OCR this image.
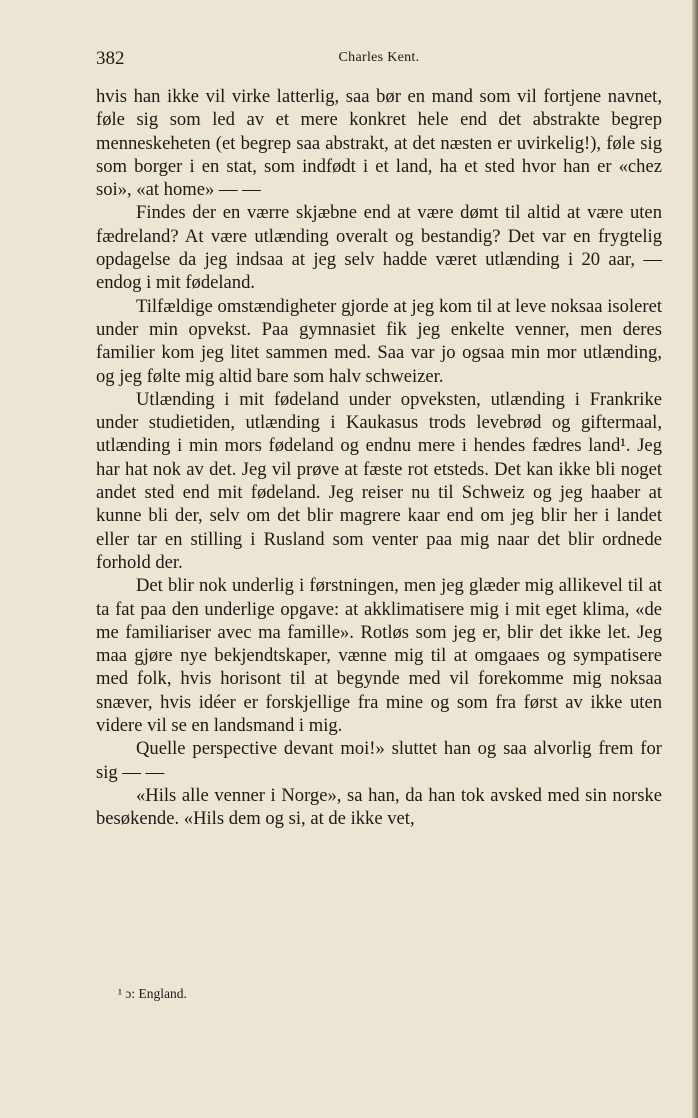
382	Charles Kent.

hvis han ikke vil virke latterlig, saa bør en mand som vil fortjene navnet, føle sig som led av et mere konkret hele end det abstrakte begrep menneskeheten (et begrep saa abstrakt, at det næsten er uvirkelig!), føle sig som borger i en stat, som indfødt i et land, ha et sted hvor han er «chez soi», «at home» — —

Findes der en værre skjæbne end at være dømt til altid at være uten fædreland? At være utlænding overalt og bestandig? Det var en frygtelig opdagelse da jeg indsaa at jeg selv hadde været utlænding i 20 aar, — endog i mit fødeland.

Tilfældige omstændigheter gjorde at jeg kom til at leve noksaa isoleret under min opvekst. Paa gymnasiet fik jeg enkelte venner, men deres familier kom jeg litet sammen med. Saa var jo ogsaa min mor utlænding, og jeg følte mig altid bare som halv schweizer.

Utlænding i mit fødeland under opveksten, utlænding i Frankrike under studietiden, utlænding i Kaukasus trods levebrød og giftermaal, utlænding i min mors fødeland og endnu mere i hendes fædres land¹. Jeg har hat nok av det. Jeg vil prøve at fæste rot etsteds. Det kan ikke bli noget andet sted end mit fødeland. Jeg reiser nu til Schweiz og jeg haaber at kunne bli der, selv om det blir magrere kaar end om jeg blir her i landet eller tar en stilling i Rusland som venter paa mig naar det blir ordnede forhold der.

Det blir nok underlig i førstningen, men jeg glæder mig allikevel til at ta fat paa den underlige opgave: at akklimatisere mig i mit eget klima, «de me familiariser avec ma famille». Rotløs som jeg er, blir det ikke let. Jeg maa gjøre nye bekjendtskaper, vænne mig til at omgaaes og sympatisere med folk, hvis horisont til at begynde med vil forekomme mig noksaa snæver, hvis idéer er forskjellige fra mine og som fra først av ikke uten videre vil se en landsmand i mig.

Quelle perspective devant moi!» sluttet han og saa alvorlig frem for sig — —

«Hils alle venner i Norge», sa han, da han tok avsked med sin norske besøkende. «Hils dem og si, at de ikke vet,

¹ ɔ: England.
